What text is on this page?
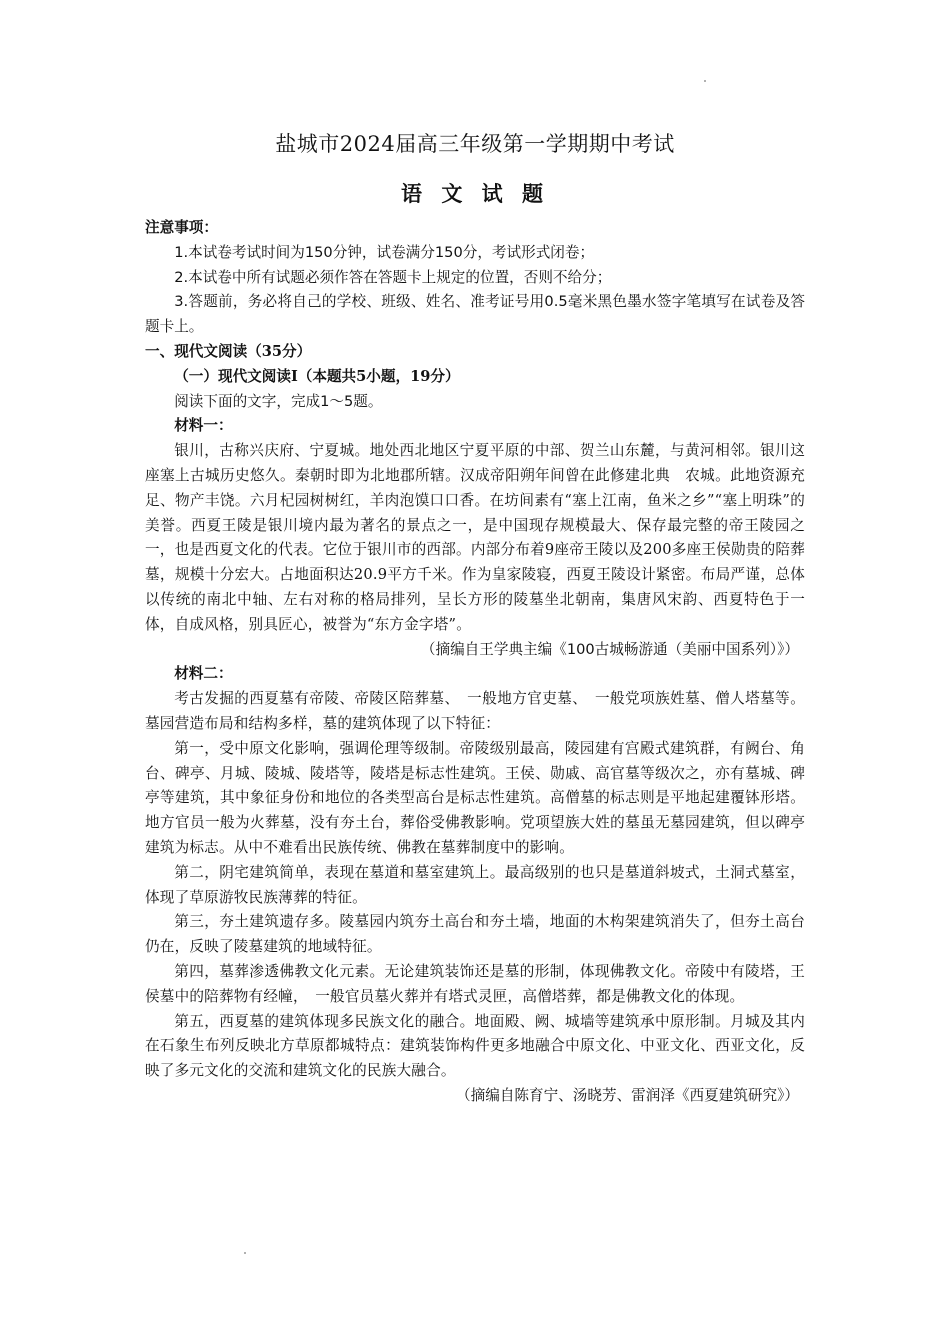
盐城市2024届高三年级第一学期期中考试
语 文 试 题

注意事项：

1.本试卷考试时间为150分钟，试卷满分150分，考试形式闭卷；

2.本试卷中所有试题必须作答在答题卡上规定的位置，否则不给分；

3.答题前，务必将自己的学校、班级、姓名、准考证号用0.5毫米黑色墨水签字笔填写在试卷及答题卡上。

一、现代文阅读（35分）

（一）现代文阅读I（本题共5小题，19分）

阅读下面的文字，完成1～5题。

材料一：

银川，古称兴庆府、宁夏城。地处西北地区宁夏平原的中部、贺兰山东麓，与黄河相邻。银川这座塞上古城历史悠久。秦朝时即为北地郡所辖。汉成帝阳朔年间曾在此修建北典　农城。此地资源充足、物产丰饶。六月杞园树树红，羊肉泡馍口口香。在坊间素有“塞上江南，鱼米之乡”“塞上明珠”的美誉。西夏王陵是银川境内最为著名的景点之一，是中国现存规模最大、保存最完整的帝王陵园之一，也是西夏文化的代表。它位于银川市的西部。内部分布着9座帝王陵以及200多座王侯勋贵的陪葬墓，规模十分宏大。占地面积达20.9平方千米。作为皇家陵寝，西夏王陵设计紧密。布局严谨，总体以传统的南北中轴、左右对称的格局排列，呈长方形的陵墓坐北朝南，集唐风宋韵、西夏特色于一体，自成风格，别具匠心，被誉为“东方金字塔”。

（摘编自王学典主编《100古城畅游通（美丽中国系列）》）

材料二：

考古发掘的西夏墓有帝陵、帝陵区陪葬墓、　一般地方官吏墓、　一般党项族姓墓、僧人塔墓等。墓园营造布局和结构多样，墓的建筑体现了以下特征：

第一，受中原文化影响，强调伦理等级制。帝陵级别最高，陵园建有宫殿式建筑群，有阙台、角台、碑亭、月城、陵城、陵塔等，陵塔是标志性建筑。王侯、勋戚、高官墓等级次之，亦有墓城、碑亭等建筑，其中象征身份和地位的各类型高台是标志性建筑。高僧墓的标志则是平地起建覆钵形塔。地方官员一般为火葬墓，没有夯土台，葬俗受佛教影响。党项望族大姓的墓虽无墓园建筑，但以碑亭建筑为标志。从中不难看出民族传统、佛教在墓葬制度中的影响。

第二，阴宅建筑简单，表现在墓道和墓室建筑上。最高级别的也只是墓道斜坡式，土洞式墓室，体现了草原游牧民族薄葬的特征。

第三，夯土建筑遗存多。陵墓园内筑夯土高台和夯土墙，地面的木构架建筑消失了，但夯土高台仍在，反映了陵墓建筑的地域特征。

第四，墓葬渗透佛教文化元素。无论建筑装饰还是墓的形制，体现佛教文化。帝陵中有陵塔，王侯墓中的陪葬物有经幢，　一般官员墓火葬并有塔式灵匣，高僧塔葬，都是佛教文化的体现。

第五，西夏墓的建筑体现多民族文化的融合。地面殿、阙、城墙等建筑承中原形制。月城及其内在石象生布列反映北方草原都城特点：建筑装饰构件更多地融合中原文化、中亚文化、西亚文化，反映了多元文化的交流和建筑文化的民族大融合。

（摘编自陈育宁、汤晓芳、雷润泽《西夏建筑研究》）
